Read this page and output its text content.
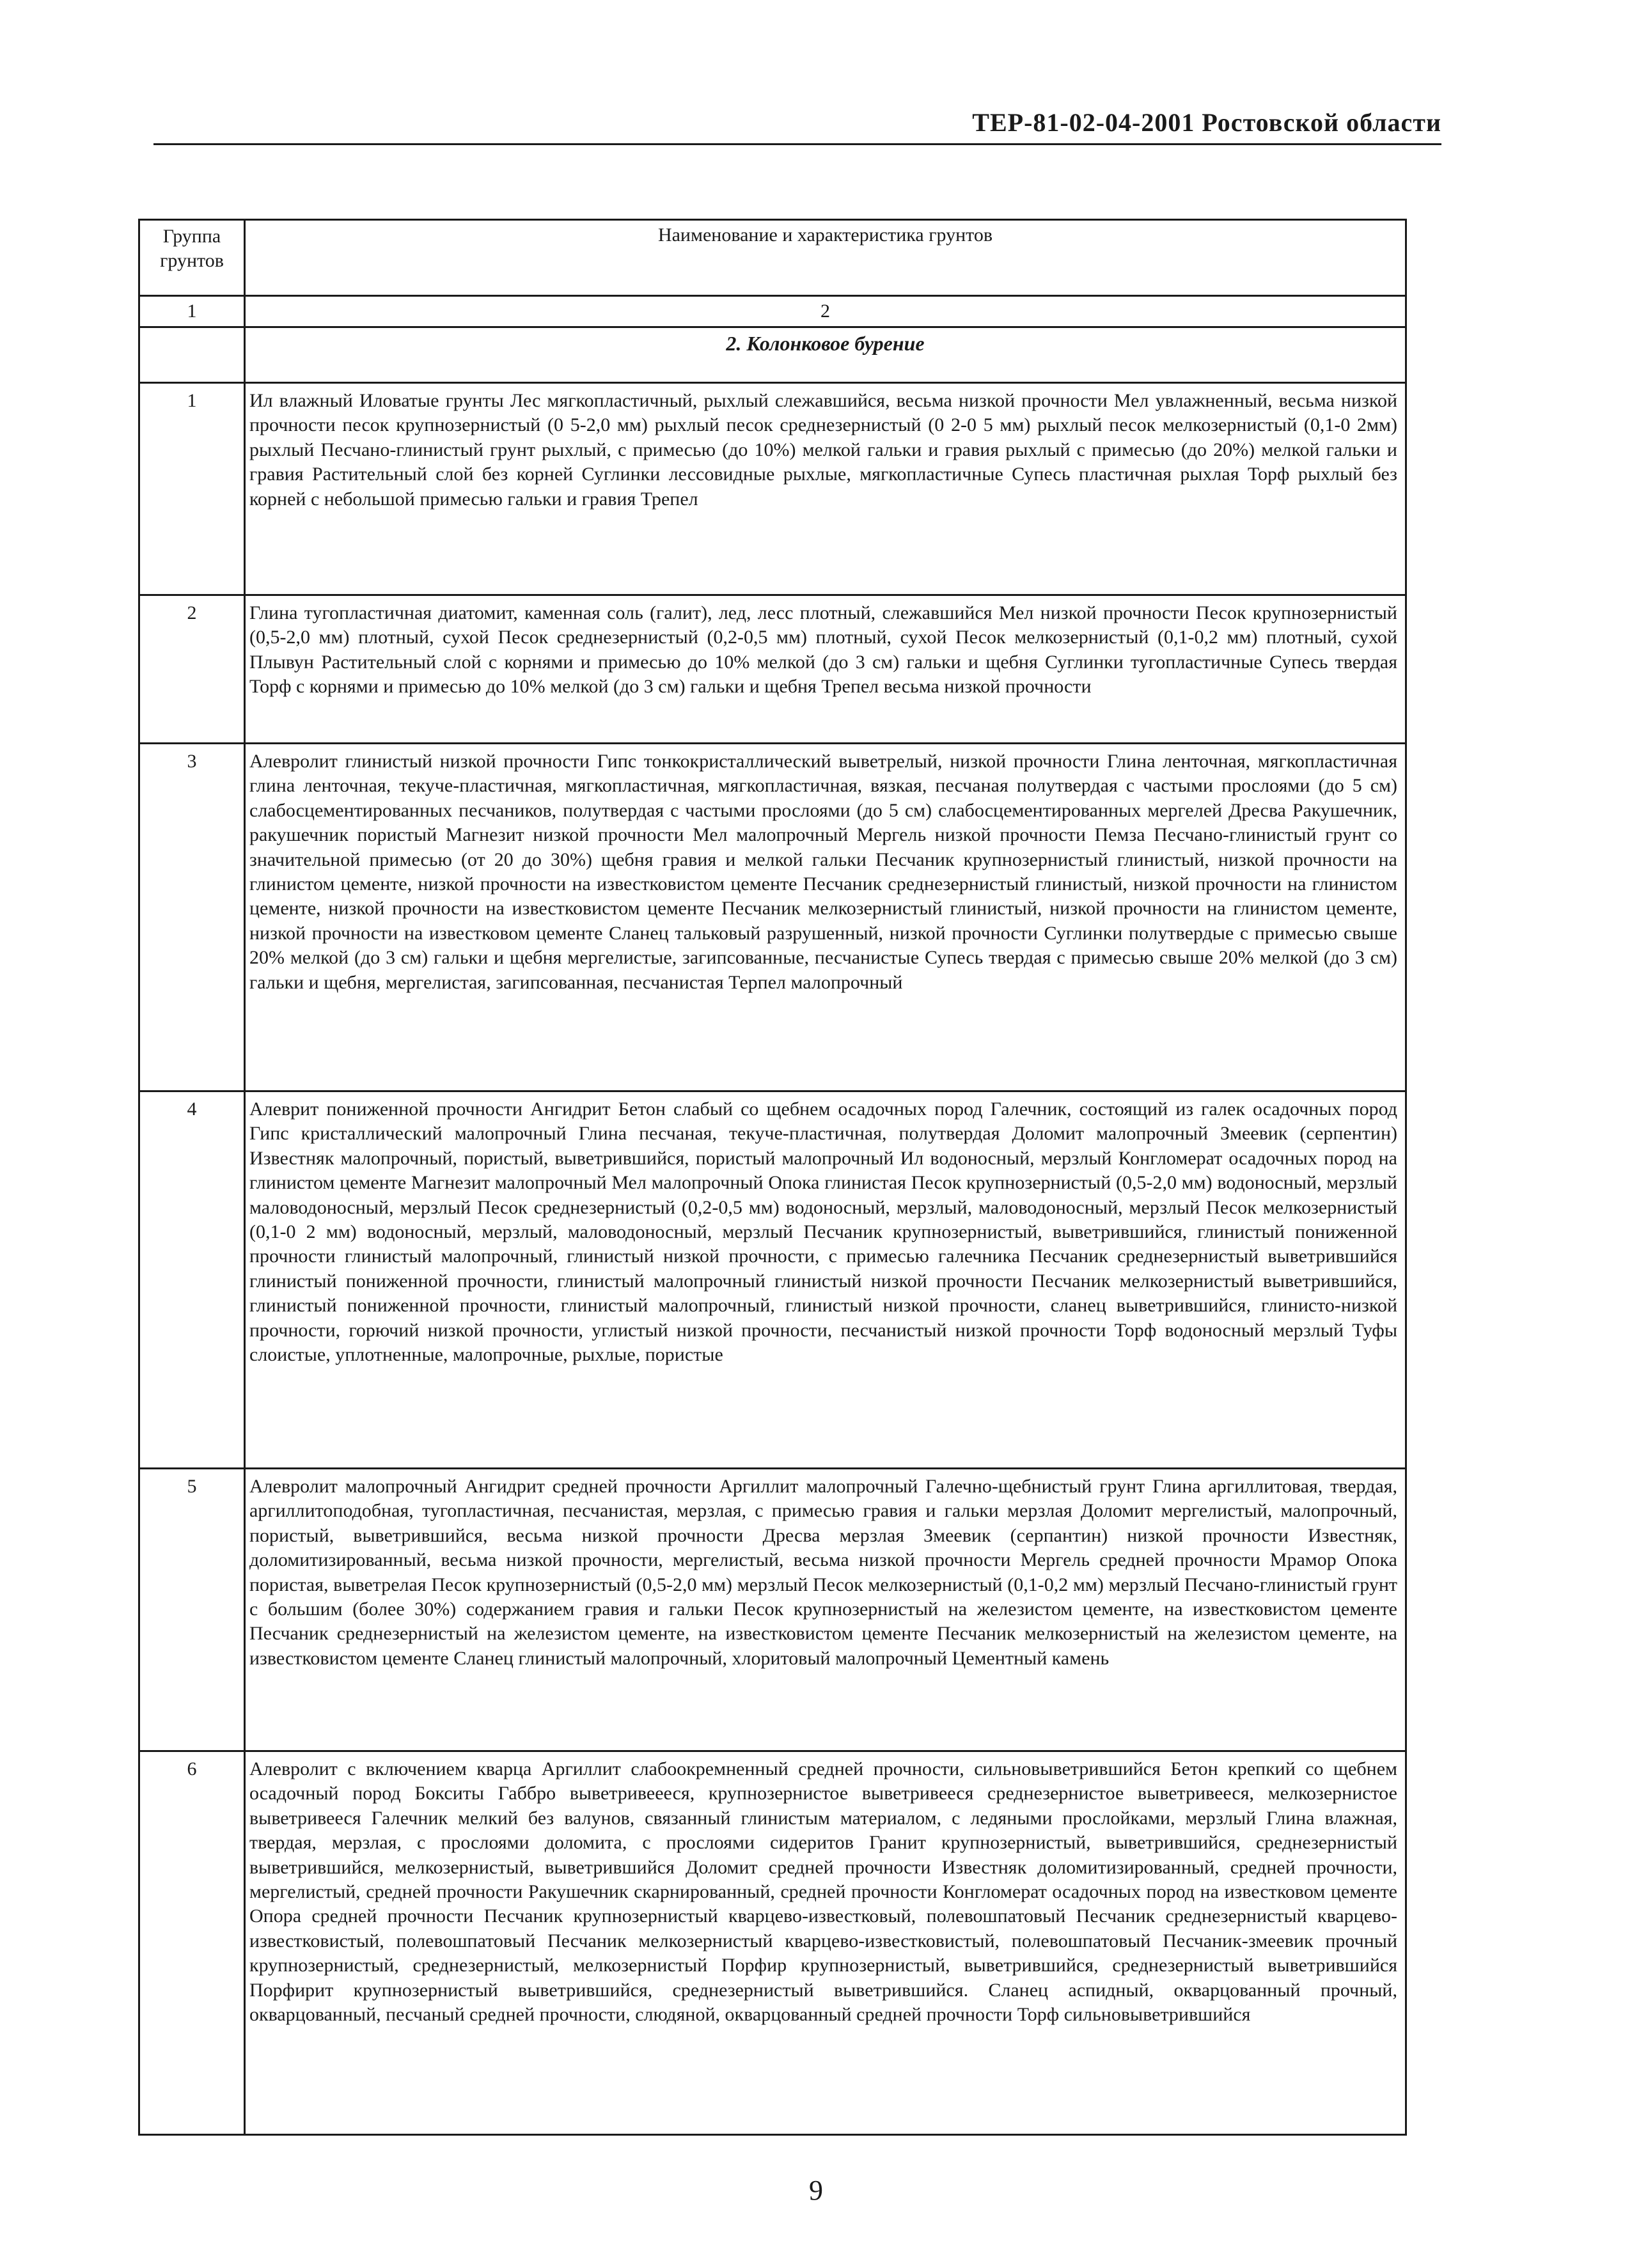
ТЕР-81-02-04-2001 Ростовской области
Группа грунтов	Наименование и характеристика грунтов
1	2
	2. Колонковое бурение
1	Ил влажный Иловатые грунты Лес мягкопластичный, рыхлый слежавшийся, весьма низкой прочности Мел увлажненный, весьма низкой прочности песок крупнозернистый (0 5-2,0 мм) рыхлый песок среднезернистый (0 2-0 5 мм) рыхлый песок мелкозернистый (0,1-0 2мм) рыхлый Песчано-глинистый грунт рыхлый, с примесью (до 10%) мелкой гальки и гравия рыхлый с примесью (до 20%) мелкой гальки и гравия Растительный слой без корней Суглинки лессовидные рыхлые, мягкопластичные Супесь пластичная рыхлая Торф рыхлый без корней с небольшой примесью гальки и гравия Трепел
2	Глина тугопластичная диатомит, каменная соль (галит), лед, лесс плотный, слежавшийся Мел низкой прочности Песок крупнозернистый (0,5-2,0 мм) плотный, сухой Песок среднезернистый (0,2-0,5 мм) плотный, сухой Песок мелкозернистый (0,1-0,2 мм) плотный, сухой Плывун Растительный слой с корнями и примесью до 10% мелкой (до 3 см) гальки и щебня Суглинки тугопластичные Супесь твердая Торф с корнями и примесью до 10% мелкой (до 3 см) гальки и щебня Трепел весьма низкой прочности
3	Алевролит глинистый низкой прочности Гипс тонкокристаллический выветрелый, низкой прочности Глина ленточная, мягкопластичная глина ленточная, текуче-пластичная, мягкопластичная, мягкопластичная, вязкая, песчаная полутвердая с частыми прослоями (до 5 см) слабосцементированных песчаников, полутвердая с частыми прослоями (до 5 см) слабосцементированных мергелей Дресва Ракушечник, ракушечник пористый Магнезит низкой прочности Мел малопрочный Мергель низкой прочности Пемза Песчано-глинистый грунт со значительной примесью (от 20 до 30%) щебня гравия и мелкой гальки Песчаник крупнозернистый глинистый, низкой прочности на глинистом цементе, низкой прочности на известковистом цементе Песчаник среднезернистый глинистый, низкой прочности на глинистом цементе, низкой прочности на известковистом цементе Песчаник мелкозернистый глинистый, низкой прочности на глинистом цементе, низкой прочности на известковом цементе Сланец тальковый разрушенный, низкой прочности Суглинки полутвердые с примесью свыше 20% мелкой (до 3 см) гальки и щебня мергелистые, загипсованные, песчанистые Супесь твердая с примесью свыше 20% мелкой (до 3 см) гальки и щебня, мергелистая, загипсованная, песчанистая Терпел малопрочный
4	Алеврит пониженной прочности Ангидрит Бетон слабый со щебнем осадочных пород Галечник, состоящий из галек осадочных пород Гипс кристаллический малопрочный Глина песчаная, текуче-пластичная, полутвердая Доломит малопрочный Змеевик (серпентин) Известняк малопрочный, пористый, выветрившийся, пористый малопрочный Ил водоносный, мерзлый Конгломерат осадочных пород на глинистом цементе Магнезит малопрочный Мел малопрочный Опока глинистая Песок крупнозернистый (0,5-2,0 мм) водоносный, мерзлый маловодоносный, мерзлый Песок среднезернистый (0,2-0,5 мм) водоносный, мерзлый, маловодоносный, мерзлый Песок мелкозернистый (0,1-0 2 мм) водоносный, мерзлый, маловодоносный, мерзлый Песчаник крупнозернистый, выветрившийся, глинистый пониженной прочности глинистый малопрочный, глинистый низкой прочности, с примесью галечника Песчаник среднезернистый выветрившийся глинистый пониженной прочности, глинистый малопрочный глинистый низкой прочности Песчаник мелкозернистый выветрившийся, глинистый пониженной прочности, глинистый малопрочный, глинистый низкой прочности, сланец выветрившийся, глинисто-низкой прочности, горючий низкой прочности, углистый низкой прочности, песчанистый низкой прочности Торф водоносный мерзлый Туфы слоистые, уплотненные, малопрочные, рыхлые, пористые
5	Алевролит малопрочный Ангидрит средней прочности Аргиллит малопрочный Галечно-щебнистый грунт Глина аргиллитовая, твердая, аргиллитоподобная, тугопластичная, песчанистая, мерзлая, с примесью гравия и гальки мерзлая Доломит мергелистый, малопрочный, пористый, выветрившийся, весьма низкой прочности Дресва мерзлая Змеевик (серпантин) низкой прочности Известняк, доломитизированный, весьма низкой прочности, мергелистый, весьма низкой прочности Мергель средней прочности Мрамор Опока пористая, выветрелая Песок крупнозернистый (0,5-2,0 мм) мерзлый Песок мелкозернистый (0,1-0,2 мм) мерзлый Песчано-глинистый грунт с большим (более 30%) содержанием гравия и гальки Песок крупнозернистый на железистом цементе, на известковистом цементе Песчаник среднезернистый на железистом цементе, на известковистом цементе Песчаник мелкозернистый на железистом цементе, на известковистом цементе Сланец глинистый малопрочный, хлоритовый малопрочный Цементный камень
6	Алевролит с включением кварца Аргиллит слабоокремненный средней прочности, сильновыветрившийся Бетон крепкий со щебнем осадочный пород Бокситы Габбро выветривеееся, крупнозернистое выветривееся среднезернистое выветривееся, мелкозернистое выветривееся Галечник мелкий без валунов, связанный глинистым материалом, с ледяными прослойками, мерзлый Глина влажная, твердая, мерзлая, с прослоями доломита, с прослоями сидеритов Гранит крупнозернистый, выветрившийся, среднезернистый выветрившийся, мелкозернистый, выветрившийся Доломит средней прочности Известняк доломитизированный, средней прочности, мергелистый, средней прочности Ракушечник скарнированный, средней прочности Конгломерат осадочных пород на известковом цементе Опора средней прочности Песчаник крупнозернистый кварцево-известковый, полевошпатовый Песчаник среднезернистый кварцево-известковистый, полевошпатовый Песчаник мелкозернистый кварцево-известковистый, полевошпатовый Песчаник-змеевик прочный крупнозернистый, среднезернистый, мелкозернистый Порфир крупнозернистый, выветрившийся, среднезернистый выветрившийся Порфирит крупнозернистый выветрившийся, среднезернистый выветрившийся. Сланец аспидный, окварцованный прочный, окварцованный, песчаный средней прочности, слюдяной, окварцованный средней прочности Торф сильновыветрившийся
9
